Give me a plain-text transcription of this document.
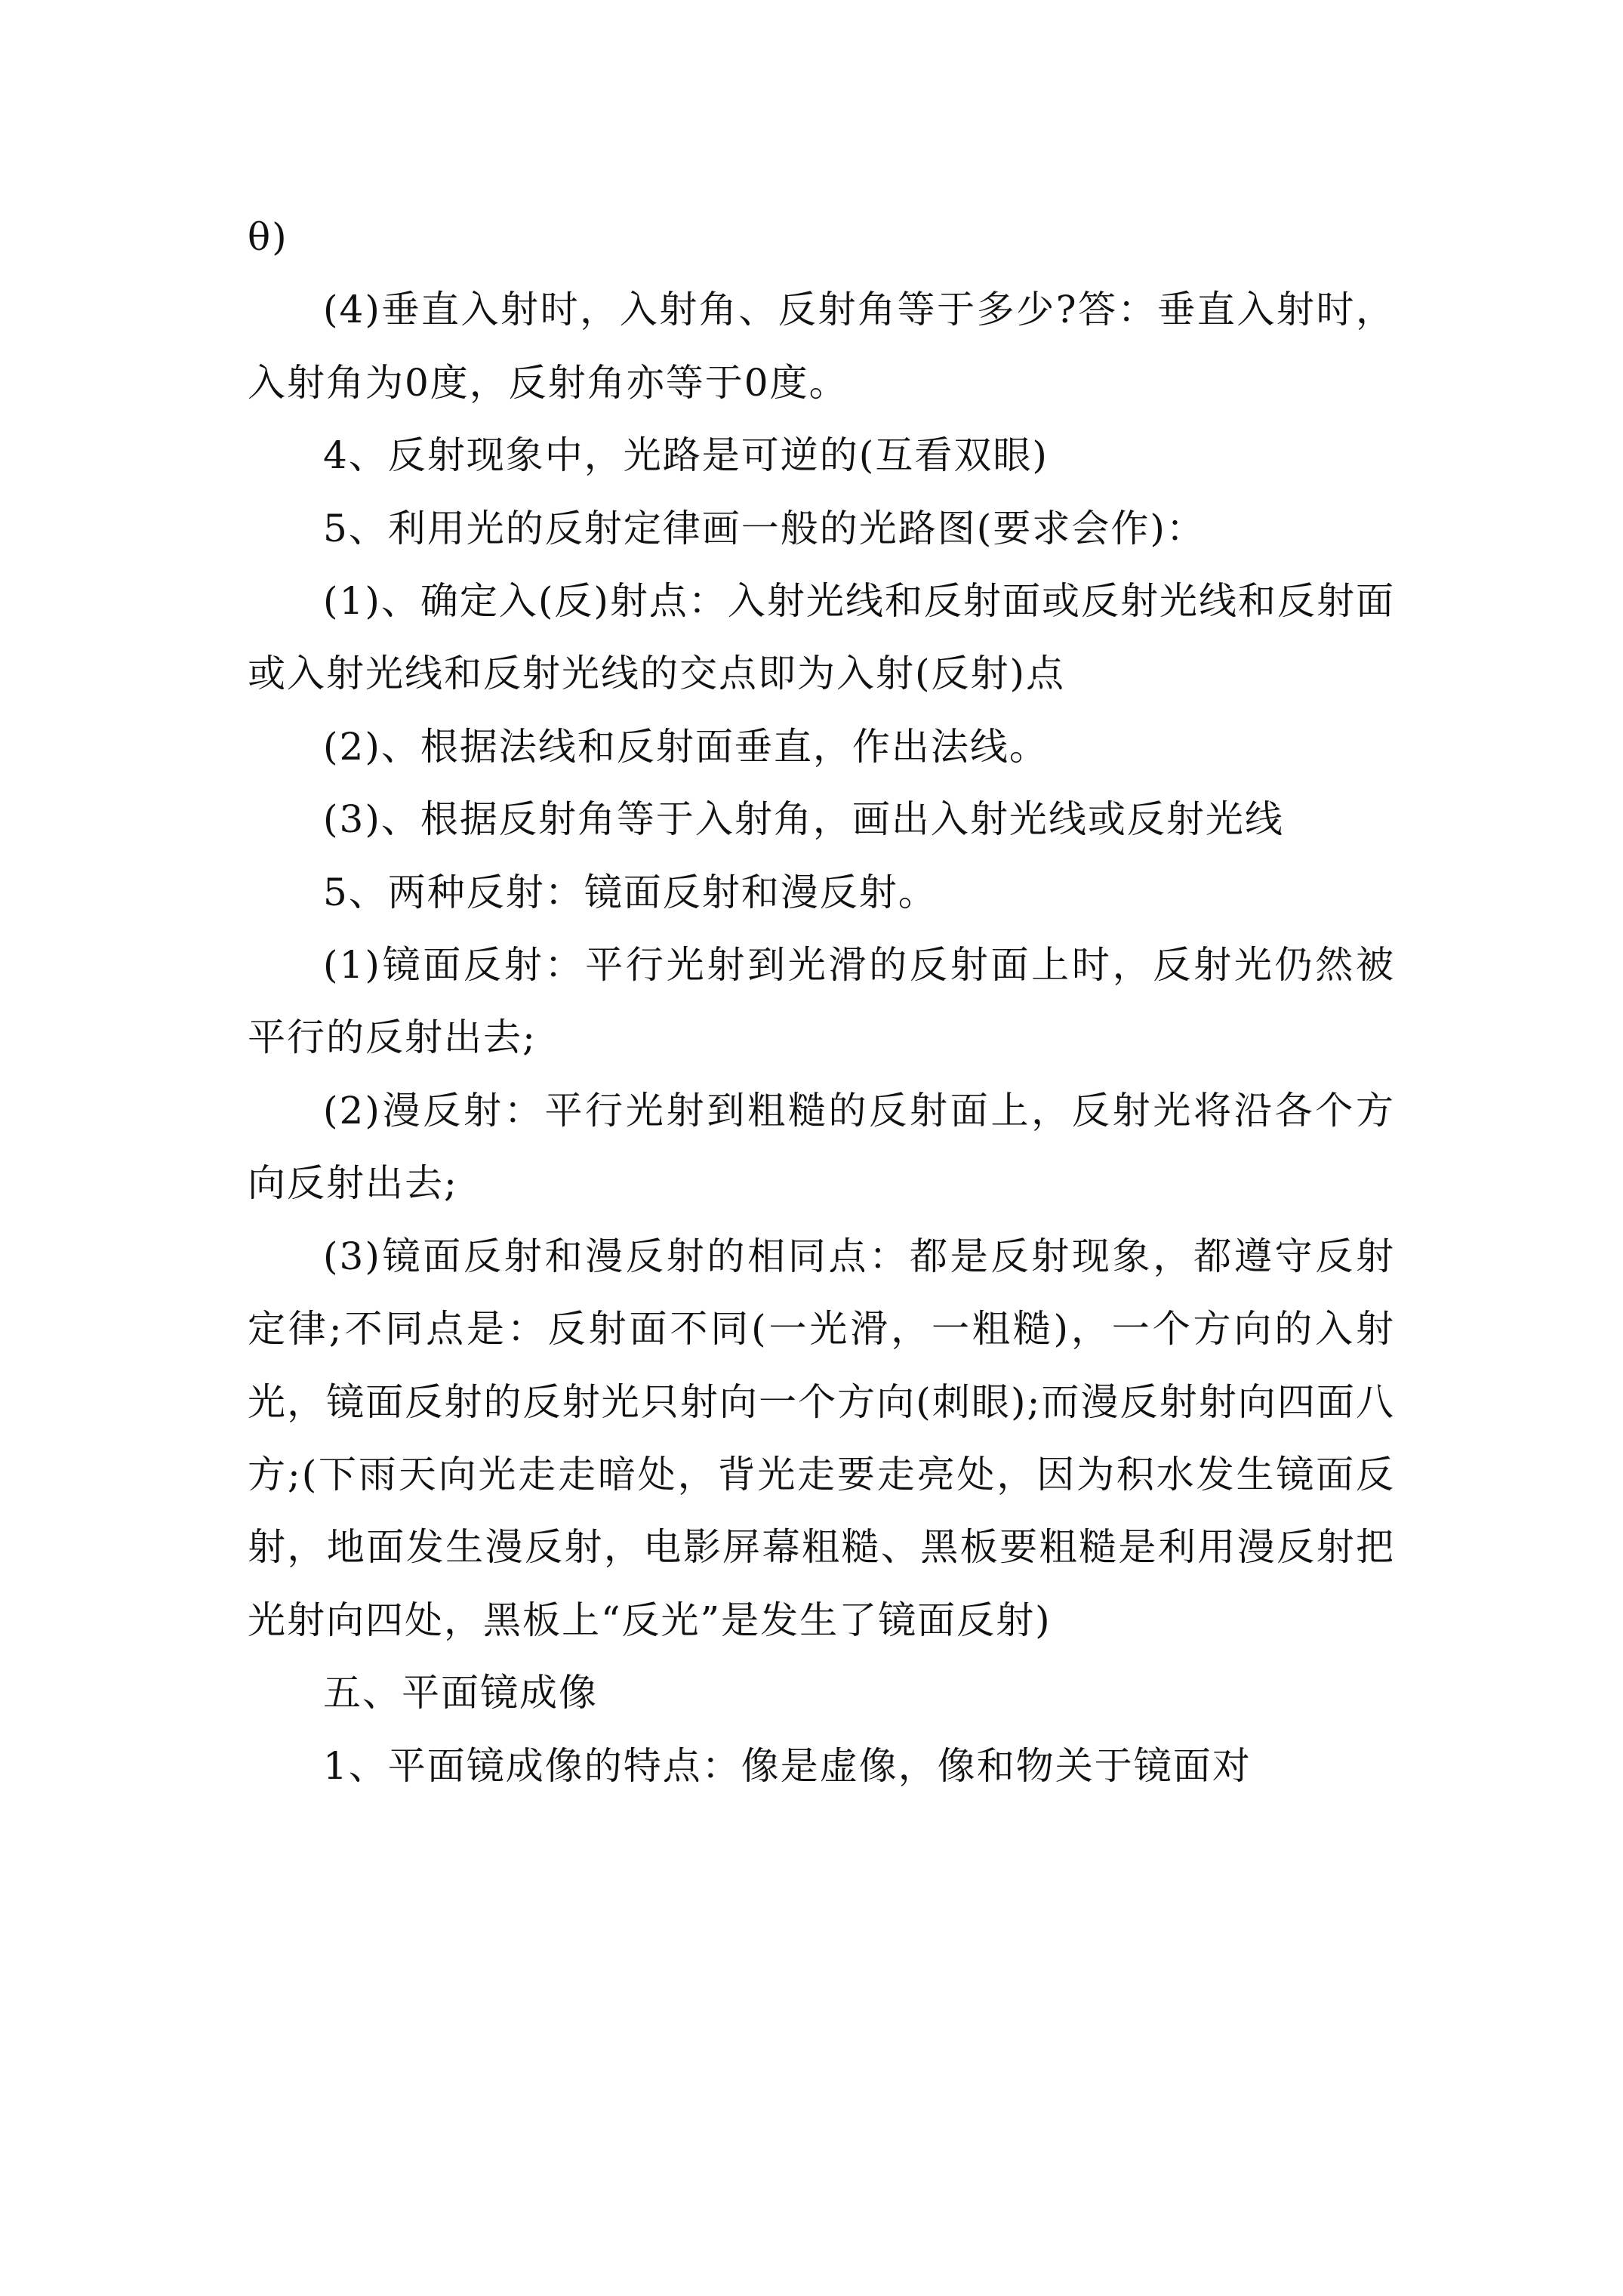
θ)

(4)垂直入射时，入射角、反射角等于多少?答：垂直入射时，入射角为0度，反射角亦等于0度。

4、反射现象中，光路是可逆的(互看双眼)

5、利用光的反射定律画一般的光路图(要求会作)：

(1)、确定入(反)射点：入射光线和反射面或反射光线和反射面或入射光线和反射光线的交点即为入射(反射)点

(2)、根据法线和反射面垂直，作出法线。

(3)、根据反射角等于入射角，画出入射光线或反射光线

5、两种反射：镜面反射和漫反射。

(1)镜面反射：平行光射到光滑的反射面上时，反射光仍然被平行的反射出去;

(2)漫反射：平行光射到粗糙的反射面上，反射光将沿各个方向反射出去;

(3)镜面反射和漫反射的相同点：都是反射现象，都遵守反射定律;不同点是：反射面不同(一光滑，一粗糙)，一个方向的入射光，镜面反射的反射光只射向一个方向(刺眼);而漫反射射向四面八方;(下雨天向光走走暗处，背光走要走亮处，因为积水发生镜面反射，地面发生漫反射，电影屏幕粗糙、黑板要粗糙是利用漫反射把光射向四处，黑板上“反光”是发生了镜面反射)

五、平面镜成像

1、平面镜成像的特点：像是虚像，像和物关于镜面对
